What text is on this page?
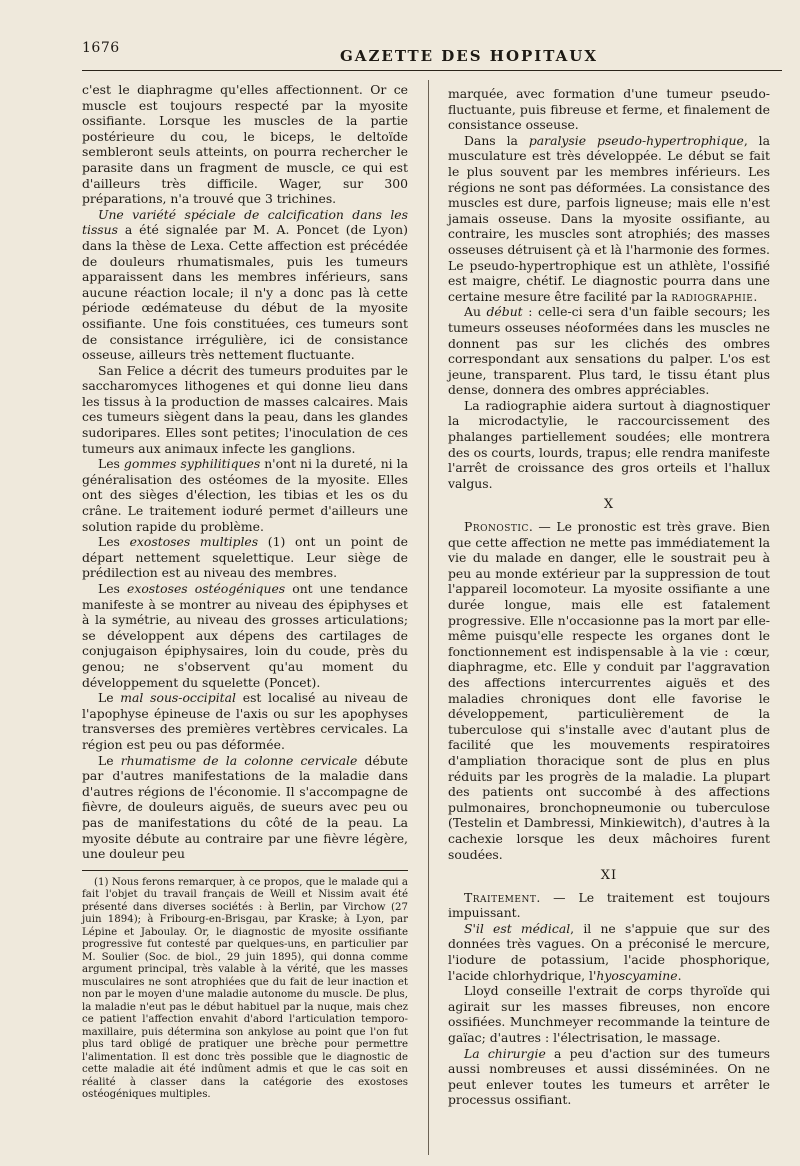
1676	GAZETTE DES HOPITAUX

c'est le diaphragme qu'elles affectionnent. Or ce muscle est toujours respecté par la myosite ossifiante. Lorsque les muscles de la partie postérieure du cou, le biceps, le deltoïde sembleront seuls atteints, on pourra rechercher le parasite dans un fragment de muscle, ce qui est d'ailleurs très difficile. Wager, sur 300 préparations, n'a trouvé que 3 trichines.

Une variété spéciale de calcification dans les tissus a été signalée par M. A. Poncet (de Lyon) dans la thèse de Lexa. Cette affection est précédée de douleurs rhumatismales, puis les tumeurs apparaissent dans les membres inférieurs, sans aucune réaction locale; il n'y a donc pas là cette période œdémateuse du début de la myosite ossifiante. Une fois constituées, ces tumeurs sont de consistance irrégulière, ici de consistance osseuse, ailleurs très nettement fluctuante.

San Felice a décrit des tumeurs produites par le saccharomyces lithogenes et qui donne lieu dans les tissus à la production de masses calcaires. Mais ces tumeurs siègent dans la peau, dans les glandes sudoripares. Elles sont petites; l'inoculation de ces tumeurs aux animaux infecte les ganglions.

Les gommes syphilitiques n'ont ni la dureté, ni la généralisation des ostéomes de la myosite. Elles ont des sièges d'élection, les tibias et les os du crâne. Le traitement ioduré permet d'ailleurs une solution rapide du problème.

Les exostoses multiples (1) ont un point de départ nettement squelettique. Leur siège de prédilection est au niveau des membres.

Les exostoses ostéogéniques ont une tendance manifeste à se montrer au niveau des épiphyses et à la symétrie, au niveau des grosses articulations; se développent aux dépens des cartilages de conjugaison épiphysaires, loin du coude, près du genou; ne s'observent qu'au moment du développement du squelette (Poncet).

Le mal sous-occipital est localisé au niveau de l'apophyse épineuse de l'axis ou sur les apophyses transverses des premières vertèbres cervicales. La région est peu ou pas déformée.

Le rhumatisme de la colonne cervicale débute par d'autres manifestations de la maladie dans d'autres régions de l'économie. Il s'accompagne de fièvre, de douleurs aiguës, de sueurs avec peu ou pas de manifestations du côté de la peau. La myosite débute au contraire par une fièvre légère, une douleur peu

(1) Nous ferons remarquer, à ce propos, que le malade qui a fait l'objet du travail français de Weill et Nissim avait été présenté dans diverses sociétés : à Berlin, par Virchow (27 juin 1894); à Fribourg-en-Brisgau, par Kraske; à Lyon, par Lépine et Jaboulay. Or, le diagnostic de myosite ossifiante progressive fut contesté par quelques-uns, en particulier par M. Soulier (Soc. de biol., 29 juin 1895), qui donna comme argument principal, très valable à la vérité, que les masses musculaires ne sont atrophiées que du fait de leur inaction et non par le moyen d'une maladie autonome du muscle. De plus, la maladie n'eut pas le début habituel par la nuque, mais chez ce patient l'affection envahit d'abord l'articulation temporo-maxillaire, puis détermina son ankylose au point que l'on fut plus tard obligé de pratiquer une brèche pour permettre l'alimentation. Il est donc très possible que le diagnostic de cette maladie ait été indûment admis et que le cas soit en réalité à classer dans la catégorie des exostoses ostéogéniques multiples.

marquée, avec formation d'une tumeur pseudo-fluctuante, puis fibreuse et ferme, et finalement de consistance osseuse.

Dans la paralysie pseudo-hypertrophique, la musculature est très développée. Le début se fait le plus souvent par les membres inférieurs. Les régions ne sont pas déformées. La consistance des muscles est dure, parfois ligneuse; mais elle n'est jamais osseuse. Dans la myosite ossifiante, au contraire, les muscles sont atrophiés; des masses osseuses détruisent çà et là l'harmonie des formes. Le pseudo-hypertrophique est un athlète, l'ossifié est maigre, chétif. Le diagnostic pourra dans une certaine mesure être facilité par la radiographie.

Au début : celle-ci sera d'un faible secours; les tumeurs osseuses néoformées dans les muscles ne donnent pas sur les clichés des ombres correspondant aux sensations du palper. L'os est jeune, transparent. Plus tard, le tissu étant plus dense, donnera des ombres appréciables.

La radiographie aidera surtout à diagnostiquer la microdactylie, le raccourcissement des phalanges partiellement soudées; elle montrera des os courts, lourds, trapus; elle rendra manifeste l'arrêt de croissance des gros orteils et l'hallux valgus.

X

Pronostic. — Le pronostic est très grave. Bien que cette affection ne mette pas immédiatement la vie du malade en danger, elle le soustrait peu à peu au monde extérieur par la suppression de tout l'appareil locomoteur. La myosite ossifiante a une durée longue, mais elle est fatalement progressive. Elle n'occasionne pas la mort par elle-même puisqu'elle respecte les organes dont le fonctionnement est indispensable à la vie : cœur, diaphragme, etc. Elle y conduit par l'aggravation des affections intercurrentes aiguës et des maladies chroniques dont elle favorise le développement, particulièrement de la tuberculose qui s'installe avec d'autant plus de facilité que les mouvements respiratoires d'ampliation thoracique sont de plus en plus réduits par les progrès de la maladie. La plupart des patients ont succombé à des affections pulmonaires, bronchopneumonie ou tuberculose (Testelin et Dambressi, Minkiewitch), d'autres à la cachexie lorsque les deux mâchoires furent soudées.

XI

Traitement. — Le traitement est toujours impuissant.

S'il est médical, il ne s'appuie que sur des données très vagues. On a préconisé le mercure, l'iodure de potassium, l'acide phosphorique, l'acide chlorhydrique, l'hyoscyamine.

Lloyd conseille l'extrait de corps thyroïde qui agirait sur les masses fibreuses, non encore ossifiées. Munchmeyer recommande la teinture de gaïac; d'autres : l'électrisation, le massage.

La chirurgie a peu d'action sur des tumeurs aussi nombreuses et aussi disséminées. On ne peut enlever toutes les tumeurs et arrêter le processus ossifiant.
